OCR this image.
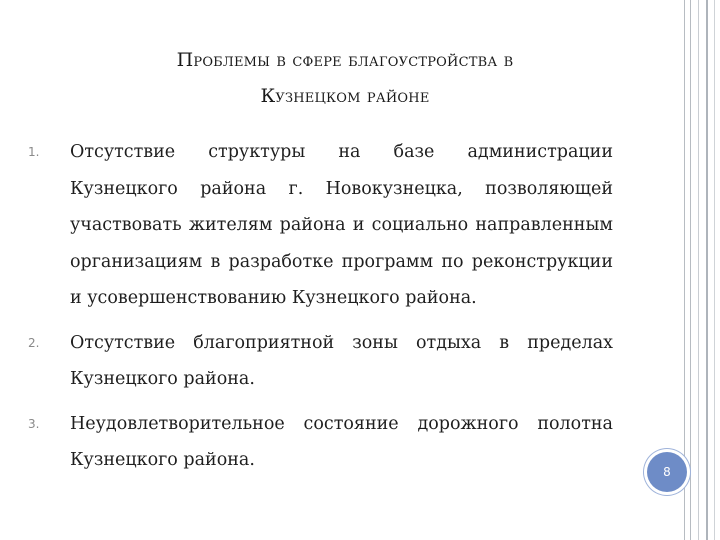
Проблемы в сфере благоустройства в
Кузнецком районе
1 . Отсутствие структуры на базе администрации Кузнецкого района г. Новокузнецка, позволяющей участвовать жителям района и социально направленным организациям в разработке программ по реконструкции и усовершенствованию Кузнецкого района.
2 . Отсутствие благоприятной зоны отдыха в пределах Кузнецкого района.
3 . Неудовлетворительное состояние дорожного полотна Кузнецкого района.
8
